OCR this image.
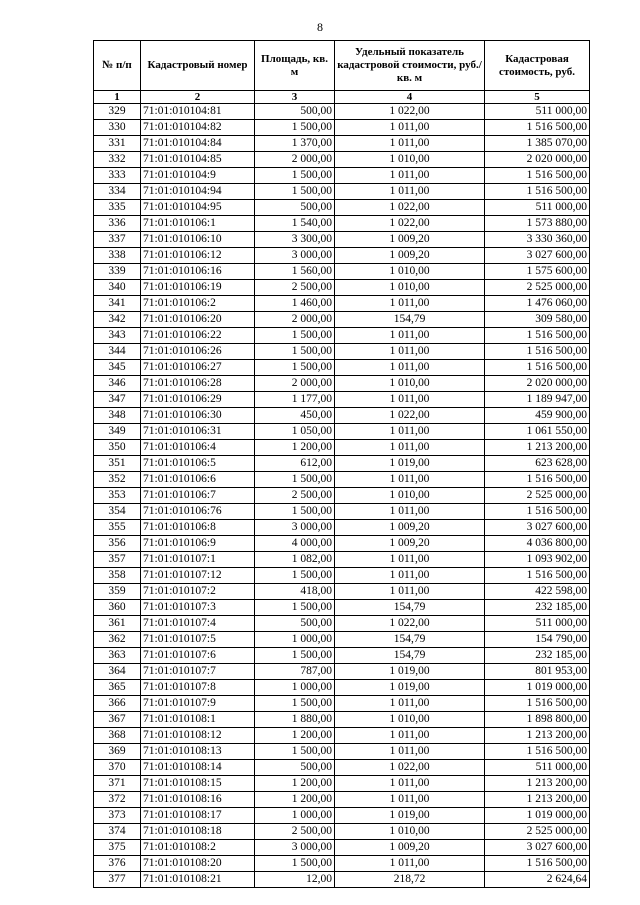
8
№ п/п	Кадастровый номер	Площадь, кв. м	Удельный показатель кадастровой стоимости, руб./кв. м	Кадастровая стоимость, руб.
1	2	3	4	5
329	71:01:010104:81	500,00	1 022,00	511 000,00
330	71:01:010104:82	1 500,00	1 011,00	1 516 500,00
331	71:01:010104:84	1 370,00	1 011,00	1 385 070,00
332	71:01:010104:85	2 000,00	1 010,00	2 020 000,00
333	71:01:010104:9	1 500,00	1 011,00	1 516 500,00
334	71:01:010104:94	1 500,00	1 011,00	1 516 500,00
335	71:01:010104:95	500,00	1 022,00	511 000,00
336	71:01:010106:1	1 540,00	1 022,00	1 573 880,00
337	71:01:010106:10	3 300,00	1 009,20	3 330 360,00
338	71:01:010106:12	3 000,00	1 009,20	3 027 600,00
339	71:01:010106:16	1 560,00	1 010,00	1 575 600,00
340	71:01:010106:19	2 500,00	1 010,00	2 525 000,00
341	71:01:010106:2	1 460,00	1 011,00	1 476 060,00
342	71:01:010106:20	2 000,00	154,79	309 580,00
343	71:01:010106:22	1 500,00	1 011,00	1 516 500,00
344	71:01:010106:26	1 500,00	1 011,00	1 516 500,00
345	71:01:010106:27	1 500,00	1 011,00	1 516 500,00
346	71:01:010106:28	2 000,00	1 010,00	2 020 000,00
347	71:01:010106:29	1 177,00	1 011,00	1 189 947,00
348	71:01:010106:30	450,00	1 022,00	459 900,00
349	71:01:010106:31	1 050,00	1 011,00	1 061 550,00
350	71:01:010106:4	1 200,00	1 011,00	1 213 200,00
351	71:01:010106:5	612,00	1 019,00	623 628,00
352	71:01:010106:6	1 500,00	1 011,00	1 516 500,00
353	71:01:010106:7	2 500,00	1 010,00	2 525 000,00
354	71:01:010106:76	1 500,00	1 011,00	1 516 500,00
355	71:01:010106:8	3 000,00	1 009,20	3 027 600,00
356	71:01:010106:9	4 000,00	1 009,20	4 036 800,00
357	71:01:010107:1	1 082,00	1 011,00	1 093 902,00
358	71:01:010107:12	1 500,00	1 011,00	1 516 500,00
359	71:01:010107:2	418,00	1 011,00	422 598,00
360	71:01:010107:3	1 500,00	154,79	232 185,00
361	71:01:010107:4	500,00	1 022,00	511 000,00
362	71:01:010107:5	1 000,00	154,79	154 790,00
363	71:01:010107:6	1 500,00	154,79	232 185,00
364	71:01:010107:7	787,00	1 019,00	801 953,00
365	71:01:010107:8	1 000,00	1 019,00	1 019 000,00
366	71:01:010107:9	1 500,00	1 011,00	1 516 500,00
367	71:01:010108:1	1 880,00	1 010,00	1 898 800,00
368	71:01:010108:12	1 200,00	1 011,00	1 213 200,00
369	71:01:010108:13	1 500,00	1 011,00	1 516 500,00
370	71:01:010108:14	500,00	1 022,00	511 000,00
371	71:01:010108:15	1 200,00	1 011,00	1 213 200,00
372	71:01:010108:16	1 200,00	1 011,00	1 213 200,00
373	71:01:010108:17	1 000,00	1 019,00	1 019 000,00
374	71:01:010108:18	2 500,00	1 010,00	2 525 000,00
375	71:01:010108:2	3 000,00	1 009,20	3 027 600,00
376	71:01:010108:20	1 500,00	1 011,00	1 516 500,00
377	71:01:010108:21	12,00	218,72	2 624,64
